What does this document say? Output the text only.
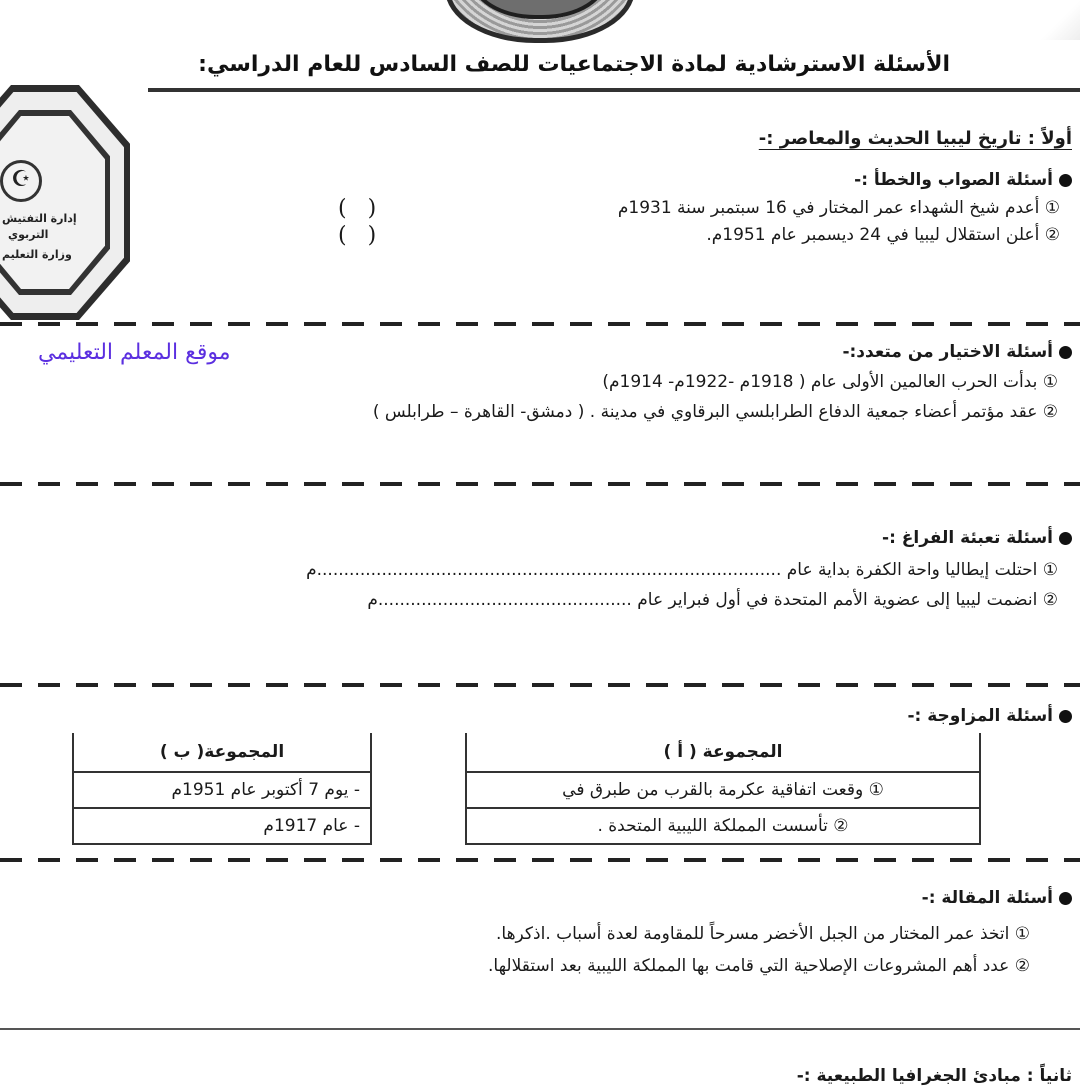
الأسئلة الاسترشادية لمادة الاجتماعيات للصف السادس للعام الدراسي:
☪
إدارة التفتيش
التربوي
وزارة التعليم
أولاً : تاريخ ليبيا الحديث والمعاصر :-
أسئلة الصواب والخطأ :-
① أعدم شيخ الشهداء عمر المختار في 16 سبتمبر سنة 1931م
(   )
② أعلن استقلال ليبيا في 24 ديسمبر عام 1951م.
(   )
موقع المعلم التعليمي	أسئلة الاختيار من متعدد:-
① بدأت الحرب العالمين الأولى عام ( 1918م -1922م- 1914م)
② عقد مؤتمر أعضاء جمعية الدفاع الطرابلسي البرقاوي في مدينة . ( دمشق- القاهرة – طرابلس )
أسئلة تعبئة الفراغ :-
① احتلت إيطاليا واحة الكفرة بداية عام ......................................................................................م
② انضمت ليبيا إلى عضوية الأمم المتحدة في أول فبراير عام ...............................................م
أسئلة المزاوجة :-
المجموعة ( أ )
① وقعت اتفاقية عكرمة بالقرب من طبرق في
② تأسست المملكة الليبية المتحدة .
المجموعة( ب )
- يوم 7 أكتوبر عام 1951م
- عام 1917م
أسئلة المقالة :-
① اتخذ عمر المختار من الجبل الأخضر مسرحاً للمقاومة لعدة أسباب .اذكرها.
② عدد أهم المشروعات الإصلاحية التي قامت بها المملكة الليبية بعد استقلالها.
ثانياً : مبادئ الجغرافيا الطبيعية :-
